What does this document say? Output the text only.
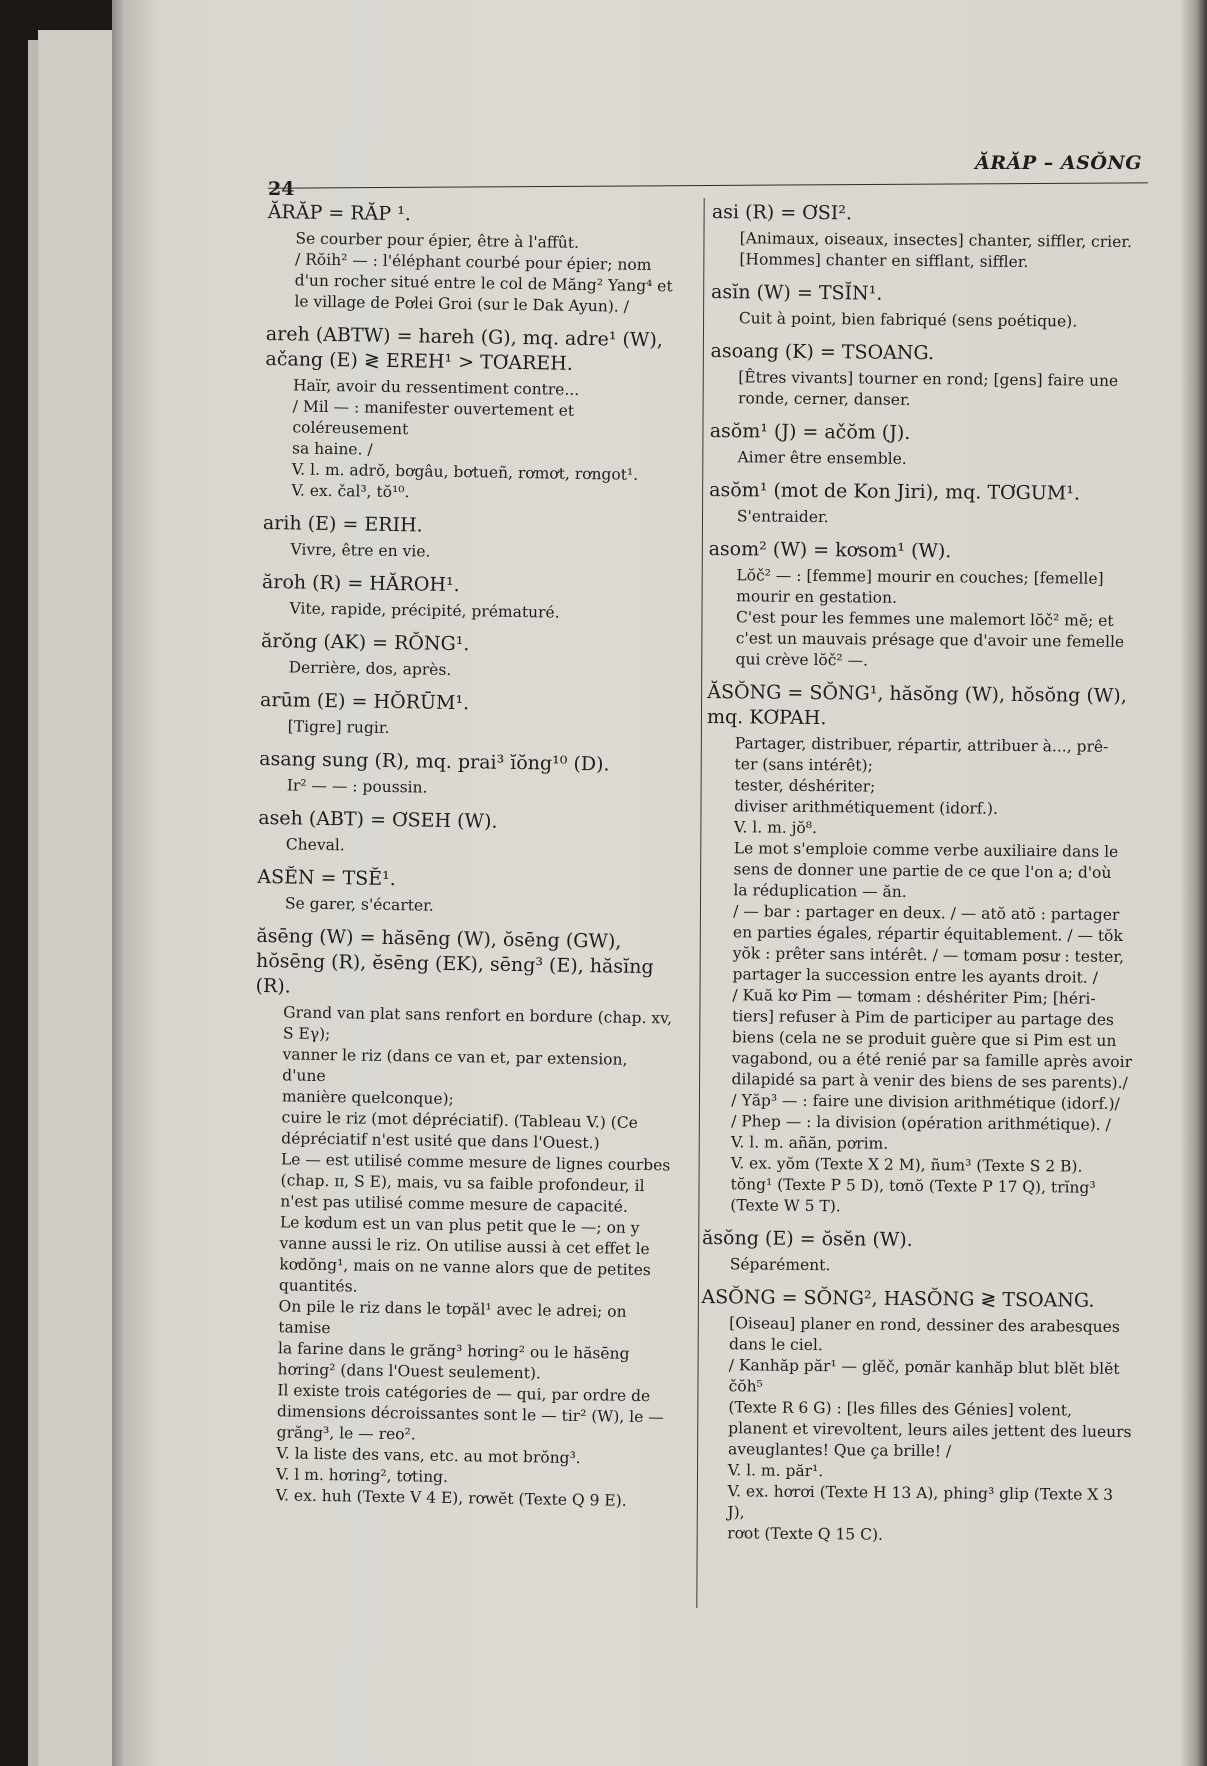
24
ĂRĂP – ASŎNG
ĂRĂP = RĂP ¹.
Se courber pour épier, être à l'affût.
/ Rŏih² — : l'éléphant courbé pour épier; nom
d'un rocher situé entre le col de Măng² Yang⁴ et
le village de Pơlei Groi (sur le Dak Ayun). /
areh (ABTW) = hareh (G), mq. adre¹ (W), ačang (E) ≷ EREH¹ > TƠAREH.
Haïr, avoir du ressentiment contre...
/ Mil — : manifester ouvertement et coléreusement
sa haine. /
V. l. m. adrŏ, bơgâu, bơtueñ, rơmơt, rơngot¹.
V. ex. čal³, tŏ¹⁰.
arih (E) = ERIH.
Vivre, être en vie.
ăroh (R) = HĂROH¹.
Vite, rapide, précipité, prématuré.
ărŏng (AK) = RŎNG¹.
Derrière, dos, après.
arūm (E) = HŎRŪM¹.
[Tigre] rugir.
asang sung (R), mq. prai³ ĭŏng¹⁰ (D).
Ir² — — : poussin.
aseh (ABT) = ƠSEH (W).
Cheval.
ASĔN = TSĔ¹.
Se garer, s'écarter.
ăsēng (W) = hăsēng (W), ŏsēng (GW), hŏsēng (R), ĕsēng (EK), sēng³ (E), hăsĭng (R).
Grand van plat sans renfort en bordure (chap. xv,
S Eγ);
vanner le riz (dans ce van et, par extension, d'une
manière quelconque);
cuire le riz (mot dépréciatif). (Tableau V.) (Ce
dépréciatif n'est usité que dans l'Ouest.)
Le — est utilisé comme mesure de lignes courbes
(chap. ɪɪ, S E), mais, vu sa faible profondeur, il
n'est pas utilisé comme mesure de capacité.
Le kơdum est un van plus petit que le —; on y
vanne aussi le riz. On utilise aussi à cet effet le
kơdŏng¹, mais on ne vanne alors que de petites
quantités.
On pile le riz dans le tơpăl¹ avec le adrei; on tamise
la farine dans le grăng³ hơring² ou le hăsēng
hơring² (dans l'Ouest seulement).
Il existe trois catégories de — qui, par ordre de
dimensions décroissantes sont le — tir² (W), le —
grăng³, le — reo².
V. la liste des vans, etc. au mot brŏng³.
V. l m. hơring², tơting.
V. ex. huh (Texte V 4 E), rơwĕt (Texte Q 9 E).
asi (R) = ƠSI².
[Animaux, oiseaux, insectes] chanter, siffler, crier.
[Hommes] chanter en sifflant, siffler.
asĭn (W) = TSĬN¹.
Cuit à point, bien fabriqué (sens poétique).
asoang (K) = TSOANG.
[Êtres vivants] tourner en rond; [gens] faire une
ronde, cerner, danser.
asŏm¹ (J) = ačŏm (J).
Aimer être ensemble.
asŏm¹ (mot de Kon Jiri), mq. TƠGUM¹.
S'entraider.
asom² (W) = kơsom¹ (W).
Lŏč² — : [femme] mourir en couches; [femelle]
mourir en gestation.
C'est pour les femmes une malemort lŏč² mĕ; et
c'est un mauvais présage que d'avoir une femelle
qui crève lŏč² —.
ĂSŎNG = SŎNG¹, hăsŏng (W), hŏsŏng (W), mq. KƠPAH.
Partager, distribuer, répartir, attribuer à..., prê-
ter (sans intérêt);
tester, déshériter;
diviser arithmétiquement (idorf.).
V. l. m. jŏ⁸.
Le mot s'emploie comme verbe auxiliaire dans le
sens de donner une partie de ce que l'on a; d'où
la réduplication — ăn.
/ — bar : partager en deux. / — atŏ atŏ : partager
en parties égales, répartir équitablement. / — tŏk
yŏk : prêter sans intérêt. / — tơmam pơsư : tester,
partager la succession entre les ayants droit. /
/ Kuă kơ Pim — tơmam : déshériter Pim; [héri-
tiers] refuser à Pim de participer au partage des
biens (cela ne se produit guère que si Pim est un
vagabond, ou a été renié par sa famille après avoir
dilapidé sa part à venir des biens de ses parents)./
/ Yăp³ — : faire une division arithmétique (idorf.)/
/ Phep — : la division (opération arithmétique). /
V. l. m. añăn, pơrim.
V. ex. yŏm (Texte X 2 M), ñum³ (Texte S 2 B).
tŏng¹ (Texte P 5 D), tơnŏ (Texte P 17 Q), trĭng³
(Texte W 5 T).
ăsŏng (E) = ŏsĕn (W).
Séparément.
ASŎNG = SŎNG², HASŎNG ≷ TSOANG.
[Oiseau] planer en rond, dessiner des arabesques
dans le ciel.
/ Kanhăp păr¹ — glĕč, pơnăr kanhăp blut blĕt blĕt čŏh⁵
(Texte R 6 G) : [les filles des Génies] volent,
planent et virevoltent, leurs ailes jettent des lueurs
aveuglantes! Que ça brille! /
V. l. m. păr¹.
V. ex. hơrơi (Texte H 13 A), phing³ glip (Texte X 3 J),
rơot (Texte Q 15 C).
